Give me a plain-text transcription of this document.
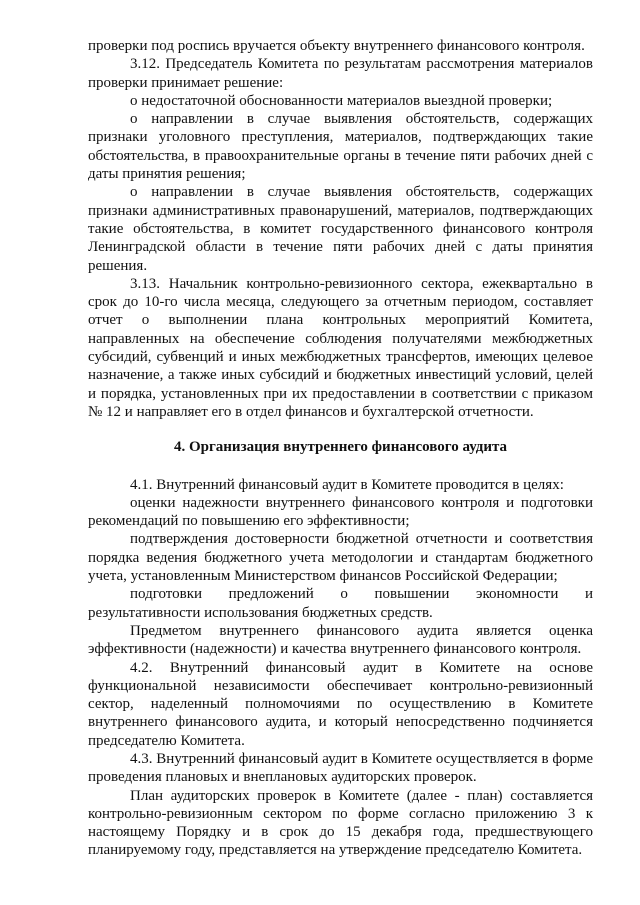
проверки под роспись вручается объекту внутреннего финансового контроля.

3.12. Председатель Комитета по результатам рассмотрения материалов проверки принимает решение:

о недостаточной обоснованности материалов выездной проверки;

о направлении в случае выявления обстоятельств, содержащих признаки уголовного преступления, материалов, подтверждающих такие обстоятельства, в правоохранительные органы в течение пяти рабочих дней с даты принятия решения;

о направлении в случае выявления обстоятельств, содержащих признаки административных правонарушений, материалов, подтверждающих такие обстоятельства, в комитет государственного финансового контроля Ленинградской области в течение пяти рабочих дней с даты принятия решения.

3.13. Начальник контрольно-ревизионного сектора, ежеквартально в срок до 10-го числа месяца, следующего за отчетным периодом, составляет отчет о выполнении плана контрольных мероприятий Комитета, направленных на обеспечение соблюдения получателями межбюджетных субсидий, субвенций и иных межбюджетных трансфертов, имеющих целевое назначение, а также иных субсидий и бюджетных инвестиций условий, целей и порядка, установленных при их предоставлении в соответствии с приказом № 12 и направляет его в отдел финансов и бухгалтерской отчетности.

4. Организация внутреннего финансового аудита

4.1. Внутренний финансовый аудит в Комитете проводится в целях:

оценки надежности внутреннего финансового контроля и подготовки рекомендаций по повышению его эффективности;

подтверждения достоверности бюджетной отчетности и соответствия порядка ведения бюджетного учета методологии и стандартам бюджетного учета, установленным Министерством финансов Российской Федерации;

подготовки предложений о повышении экономности и результативности использования бюджетных средств.

Предметом внутреннего финансового аудита является оценка эффективности (надежности) и качества внутреннего финансового контроля.

4.2. Внутренний финансовый аудит в Комитете на основе функциональной независимости обеспечивает контрольно-ревизионный сектор, наделенный полномочиями по осуществлению в Комитете внутреннего финансового аудита, и который непосредственно подчиняется председателю Комитета.

4.3. Внутренний финансовый аудит в Комитете осуществляется в форме проведения плановых и внеплановых аудиторских проверок.

План аудиторских проверок в Комитете (далее - план) составляется контрольно-ревизионным сектором по форме согласно приложению 3 к настоящему Порядку и в срок до 15 декабря года, предшествующего планируемому году, представляется на утверждение председателю Комитета.
